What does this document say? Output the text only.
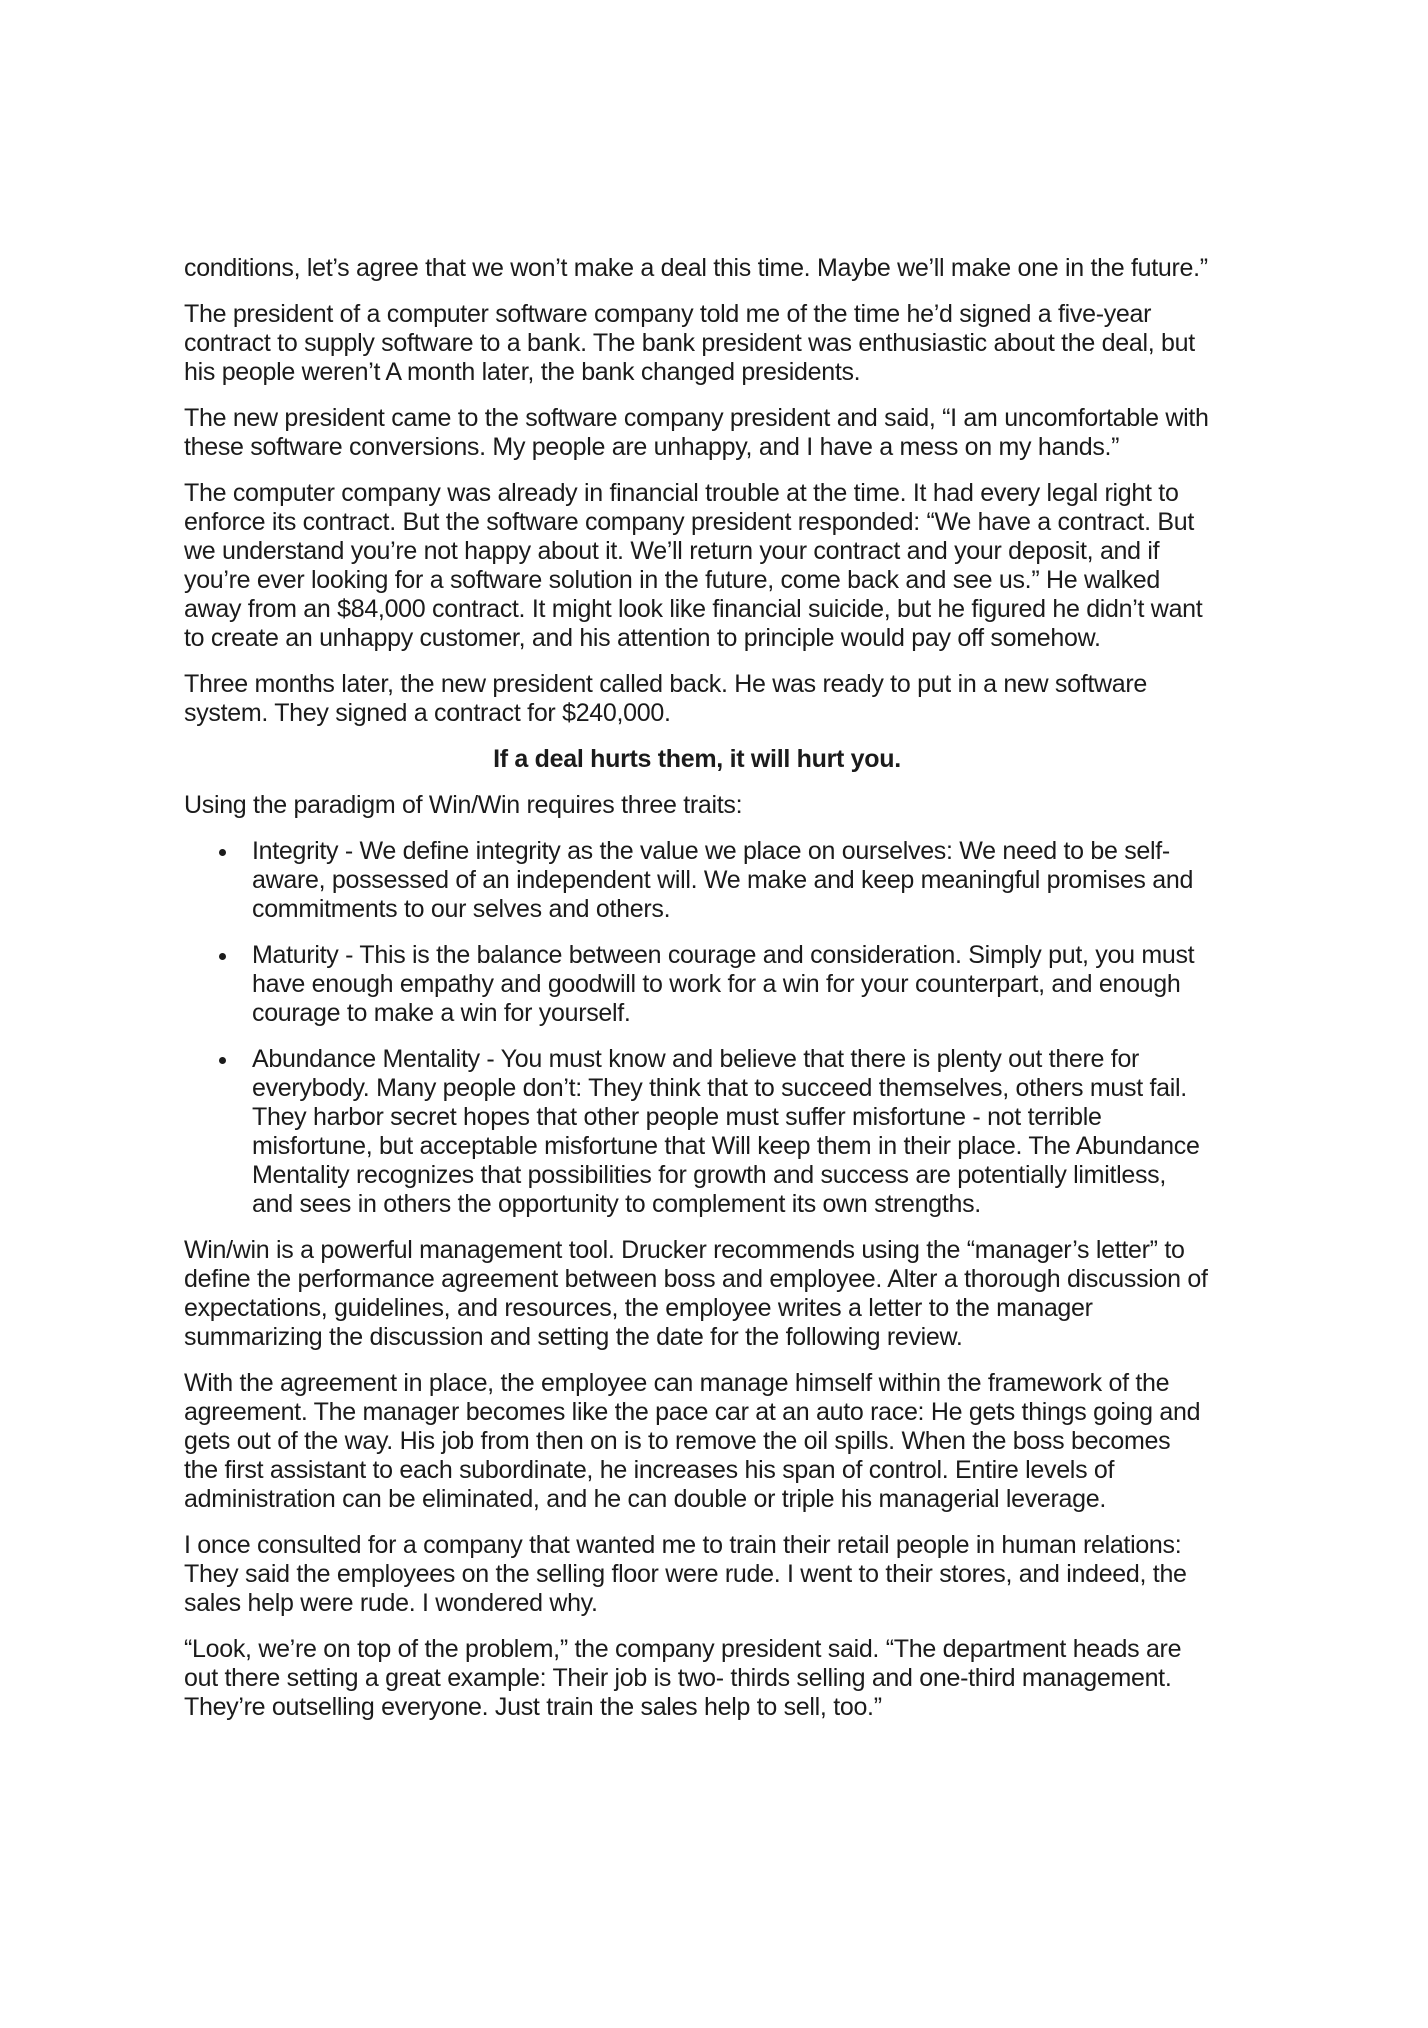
conditions, let’s agree that we won’t make a deal this time. Maybe we’ll make one in the future.”

The president of a computer software company told me of the time he’d signed a five-year contract to supply software to a bank. The bank president was enthusiastic about the deal, but his people weren’t A month later, the bank changed presidents.

The new president came to the software company president and said, “I am uncomfortable with these software conversions. My people are unhappy, and I have a mess on my hands.”

The computer company was already in financial trouble at the time. It had every legal right to enforce its contract. But the software company president responded: “We have a contract. But we understand you’re not happy about it. We’ll return your contract and your deposit, and if you’re ever looking for a software solution in the future, come back and see us.” He walked away from an $84,000 contract. It might look like financial suicide, but he figured he didn’t want to create an unhappy customer, and his attention to principle would pay off somehow.

Three months later, the new president called back. He was ready to put in a new software system. They signed a contract for $240,000.

If a deal hurts them, it will hurt you.

Using the paradigm of Win/Win requires three traits:

• Integrity - We define integrity as the value we place on ourselves: We need to be self-aware, possessed of an independent will. We make and keep meaningful promises and commitments to our selves and others.
• Maturity - This is the balance between courage and consideration. Simply put, you must have enough empathy and goodwill to work for a win for your counterpart, and enough courage to make a win for yourself.
• Abundance Mentality - You must know and believe that there is plenty out there for everybody. Many people don’t: They think that to succeed themselves, others must fail. They harbor secret hopes that other people must suffer misfortune - not terrible misfortune, but acceptable misfortune that Will keep them in their place. The Abundance Mentality recognizes that possibilities for growth and success are potentially limitless, and sees in others the opportunity to complement its own strengths.

Win/win is a powerful management tool. Drucker recommends using the “manager’s letter” to define the performance agreement between boss and employee. Alter a thorough discussion of expectations, guidelines, and resources, the employee writes a letter to the manager summarizing the discussion and setting the date for the following review.

With the agreement in place, the employee can manage himself within the framework of the agreement. The manager becomes like the pace car at an auto race: He gets things going and gets out of the way. His job from then on is to remove the oil spills. When the boss becomes the first assistant to each subordinate, he increases his span of control. Entire levels of administration can be eliminated, and he can double or triple his managerial leverage.

I once consulted for a company that wanted me to train their retail people in human relations: They said the employees on the selling floor were rude. I went to their stores, and indeed, the sales help were rude. I wondered why.

“Look, we’re on top of the problem,” the company president said. “The department heads are out there setting a great example: Their job is two- thirds selling and one-third management. They’re outselling everyone. Just train the sales help to sell, too.”
